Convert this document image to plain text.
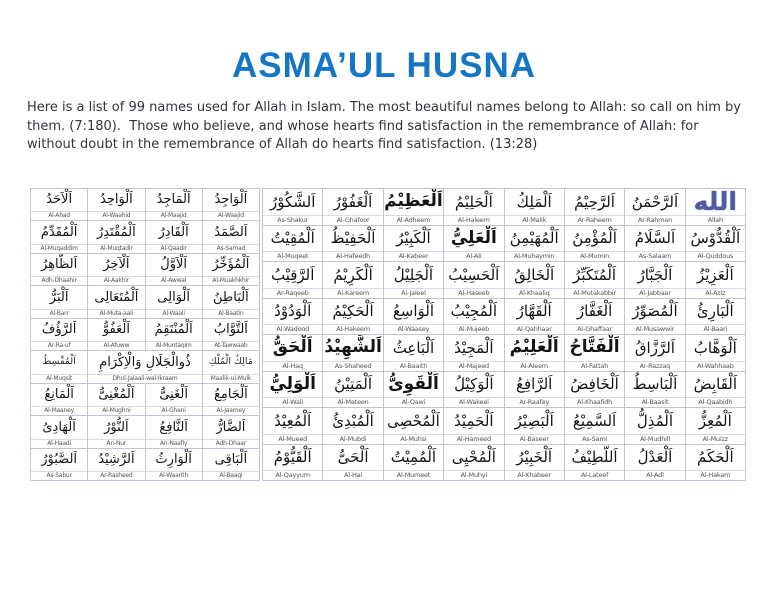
ASMA’UL HUSNA

Here is a list of 99 names used for Allah in Islam. The most beautiful names belong to Allah: so call on him by them. (7:180).  Those who believe, and whose hearts find satisfaction in the remembrance of Allah: for without doubt in the remembrance of Allah do hearts find satisfaction. (13:28)

اَلْوَاجِدُ
Al-Waajid
اَلْمَاجِدُ
Al-Maajid
اَلْوَاحِدُ
Al-Waahid
اَلْاَحَدُ
Al-Ahad
اَلصَّمَدُ
As-Samad
اَلْقَادِرُ
Al-Qaadir
اَلْمُقْتَدِرُ
Al-Muqtadir
اَلْمُقَدِّمُ
Al-Muqaddim
اَلْمُؤَخِّرُ
Al-Muakhkhir
اَلْاَوَّلُ
Al-Awwal
اَلْآخِرُ
Al-Aakhir
اَلظَّاهِرُ
Adh-Dhaahir
اَلْبَاطِنُ
Al-Baatin
اَلْوَالِى
Al-Waali
اَلْمُتَعَالِى
Al-Muta-aali
اَلْبَرُّ
Al-Barr
اَلتَّوَّابُ
At-Tawwaab
اَلْمُنْتَقِمُ
Al-Muntaqim
اَلْعَفُوُّ
Al-Afuww
اَلرَّؤُفُ
Ar-Ra-uf
مَالِكُ الْمُلْكِ
Maalik-ul-Mulk
ذُوالْجَلَالِ وَالْاِكْرَامِ
Dhul-Jalaali-wal-Ikraam
اَلْمُقْسِطُ
Al-Muqsit
اَلْجَامِعُ
Al-Jaamey
اَلْغَنِىُّ
Al-Ghani
اَلْمُغْنِىُّ
Al-Mughni
اَلْمَانِعُ
Al-Maaney
اَلضَّارُّ
Adh-Dhaar
اَلنَّافِعُ
An-Naafiy
اَلنُّوْرُ
An-Nur
اَلْهَادِىُ
Al-Haadi
اَلْبَاقِى
Al-Baaqi
اَلْوَارِثُ
Al-Waarith
اَلرَّشِيْدُ
Ar-Rasheed
اَلصَّبُوْرُ
As-Sabur
الله
Allah
اَلرَّحْمَنُ
Ar-Rahman
اَلرَّحِيْمُ
Ar-Raheem
اَلْمَلِكُ
Al-Malik
اَلْحَلِيْمُ
Al-Haleem
اَلْعَظِيْمُ
Al-Adheem
اَلْغَفُوْرُ
Al-Ghafoor
اَلشَّكُوْرُ
As-Shakur
اَلْقُدُّوْسُ
Al-Quddous
اَلسَّلَامُ
As-Salaam
اَلْمُؤْمِنُ
Al-Mumin
اَلْمُهَيْمِنُ
Al-Muhaymin
اَلْعَلِيُّ
Al-Ali
اَلْكَبِيْرُ
Al-Kabeer
اَلْحَفِيْظُ
Al-Hafeedh
اَلْمُقِيْتُ
Al-Muqeet
اَلْعَزِيْزُ
Al-Aziz
اَلْجَبَّارُ
Al-Jabbaar
اَلْمُتَكَبِّرُ
Al-Mutakabbir
اَلْخَالِقُ
Al-Khaaliq
اَلْحَسِيْبُ
Al-Haseeb
اَلْجَلِيْلُ
Al-Jaleel
اَلْكَرِيْمُ
Al-Kareem
اَلرَّقِيْبُ
Ar-Raqeeb
اَلْبَارِئُ
Al-Baari
اَلْمُصَوِّرُ
Al-Musawwir
اَلْغَفَّارُ
Al-Ghaffaar
اَلْقَهَّارُ
Al-Qahhaar
اَلْمُجِيْبُ
Al-Mujeeb
اَلْوَاسِعُ
Al-Waasey
اَلْحَكِيْمُ
Al-Hakeem
اَلْوَدُوْدُ
Al-Wadood
اَلْوَهَّابُ
Al-Wahhaab
اَلرَّزَّاقُ
Ar-Razzaq
اَلْفَتَّاحُ
Al-Fattah
اَلْعَلِيْمُ
Al-Aleem
اَلْمَجِيْدُ
Al-Majeed
اَلْبَاعِثُ
Al-Baaith
اَلشَّهِيْدُ
As-Shaheed
اَلْحَقُّ
Al-Haq
اَلْقَابِضُ
Al-Qaabidh
اَلْبَاسِطُ
Al-Baasit
اَلْخَافِضُ
Al-Khaafidh
اَلرَّافِعُ
Ar-Raafey
اَلْوَكِيْلُ
Al-Wakeel
اَلْقَوِىُّ
Al-Qawi
اَلْمَتِيْنُ
Al-Mateen
اَلْوَلِيُّ
Al-Wali
اَلْمُعِزُّ
Al-Muizz
اَلْمُذِلُّ
Al-Mudhill
اَلسَّمِيْعُ
As-Sami
اَلْبَصِيْرُ
Al-Baseer
اَلْحَمِيْدُ
Al-Hameed
اَلْمُحْصِى
Al-Muhsi
اَلْمُبْدِئُ
Al-Mubdi
اَلْمُعِيْدُ
Al-Mueed
اَلْحَكَمُ
Al-Hakam
اَلْعَدْلُ
Al-Adl
اَللَّطِيْفُ
Al-Lateef
اَلْخَبِيْرُ
Al-Khabeer
اَلْمُحْيِى
Al-Muhyi
اَلْمُمِيْتُ
Al-Mumeet
اَلْحَىُّ
Al-Hai
اَلْقَيُّوْمُ
Al-Qayyum
